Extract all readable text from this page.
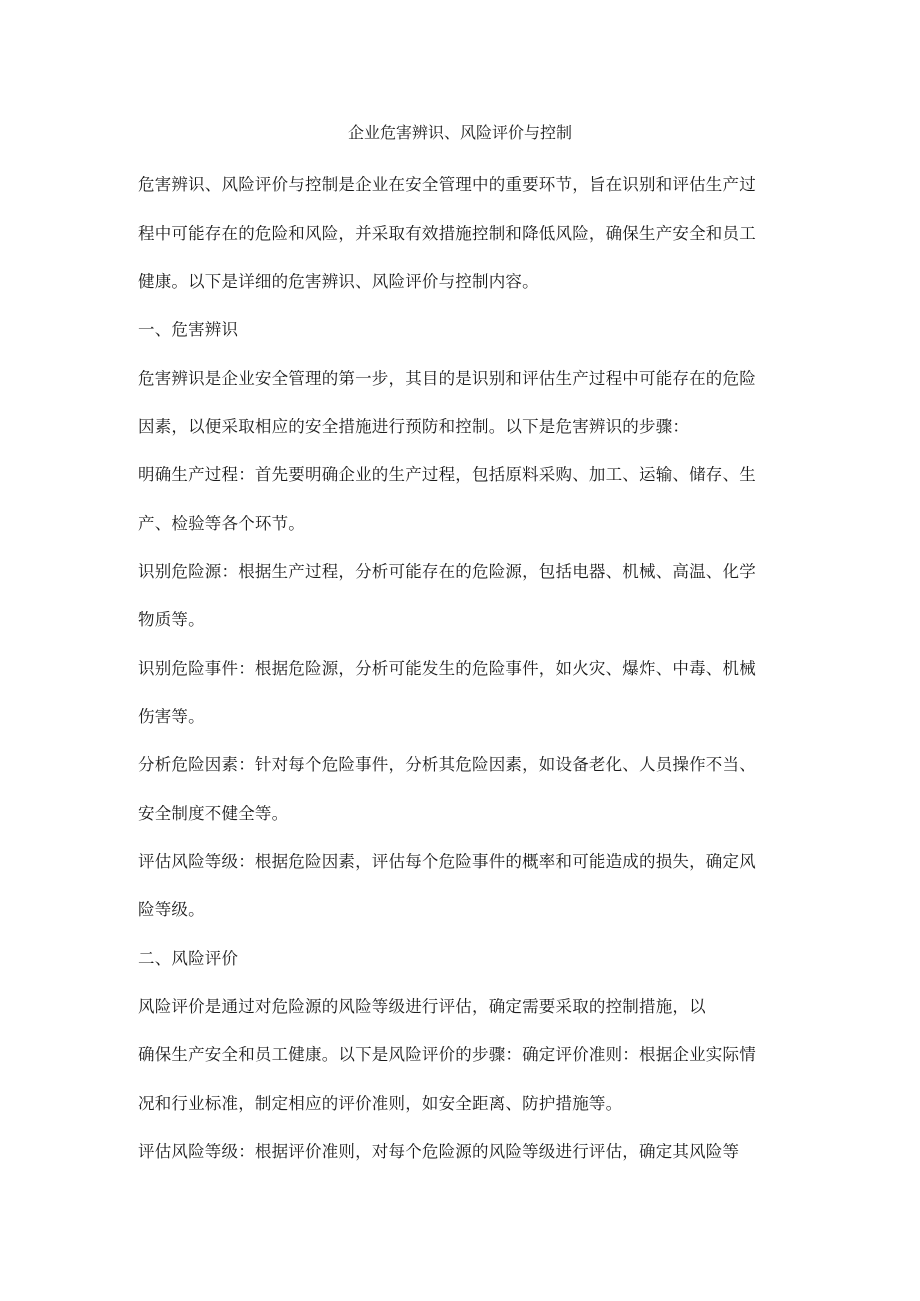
企业危害辨识、风险评价与控制
危害辨识、风险评价与控制是企业在安全管理中的重要环节，旨在识别和评估生产过
程中可能存在的危险和风险，并采取有效措施控制和降低风险，确保生产安全和员工
健康。以下是详细的危害辨识、风险评价与控制内容。
一、危害辨识
危害辨识是企业安全管理的第一步，其目的是识别和评估生产过程中可能存在的危险
因素，以便采取相应的安全措施进行预防和控制。以下是危害辨识的步骤：
明确生产过程：首先要明确企业的生产过程，包括原料采购、加工、运输、储存、生
产、检验等各个环节。
识别危险源：根据生产过程，分析可能存在的危险源，包括电器、机械、高温、化学
物质等。
识别危险事件：根据危险源，分析可能发生的危险事件，如火灾、爆炸、中毒、机械
伤害等。
分析危险因素：针对每个危险事件，分析其危险因素，如设备老化、人员操作不当、
安全制度不健全等。
评估风险等级：根据危险因素，评估每个危险事件的概率和可能造成的损失，确定风
险等级。
二、风险评价
风险评价是通过对危险源的风险等级进行评估，确定需要采取的控制措施，以
确保生产安全和员工健康。以下是风险评价的步骤：确定评价准则：根据企业实际情
况和行业标准，制定相应的评价准则，如安全距离、防护措施等。
评估风险等级：根据评价准则，对每个危险源的风险等级进行评估，确定其风险等
